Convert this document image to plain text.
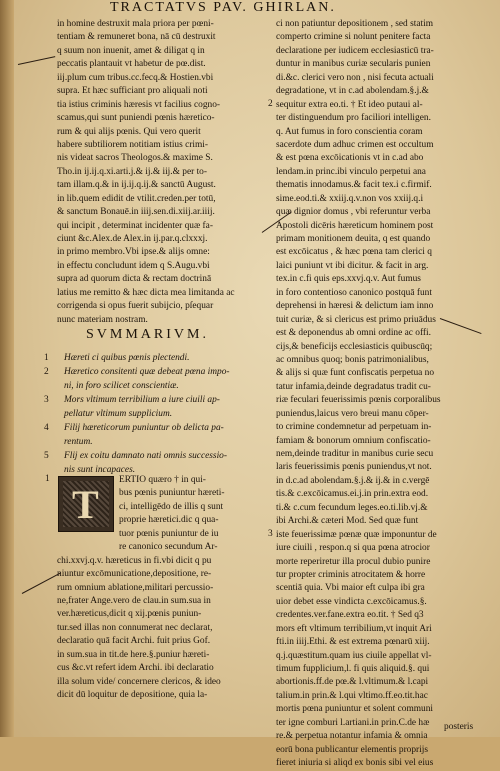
TRACTATVS PAV. GHIRLAN.
in homine destruxit mala priora per pœni-
tentiam & remuneret bona, nā cū destruxit
q suum non inuenit, amet & diligat q in
peccatis plantauit vt habetur de pœ.dist.
iij.plum cum tribus.cc.fecq.& Hostien.vbi
supra. Et hæc sufficiant pro aliquali noti
tia istius criminis hæresis vt facilius cogno-
scamus,qui sunt puniendi pœnis hæretico-
rum & qui alijs pœnis. Qui vero querit
habere subtiliorem notitiam istius crimi-
nis videat sacros Theologos.& maxime S.
Tho.in ij.ij.q.xi.arti.j.& ij.& iij.& per to-
tam illam.q.& in ij.ij.q.ij.& sanctū August.
in lib.quem edidit de vtilit.creden.per totū,
& sanctum Bonauē.in iiij.sen.di.xiij.ar.iiij.
qui incipit , determinat incidenter quæ fa-
ciunt &c.Alex.de Alex.in ij.par.q.clxxxj.
in primo membro.Vbi ipse.& alijs omne:
in effectu concludunt idem q S.Augu.vbi
supra ad quorum dicta & rectam doctrinā
latius me remitto & hæc dicta mea limitanda ac
corrigenda si opus fuerit subijcio, pſequar
nunc materiam nostram.
SVMMARIVM.
1 Hæreti ci quibus pœnis plectendi.
2 Hæretico consitenti quæ debeat pœna impo-
ni, in foro scilicet conscientiæ.
3 Mors vltimum terribilium a iure ciuili ap-
pellatur vltimum supplicium.
4 Filij hæreticorum puniuntur ob delicta pa-
rentum.
5 Flij ex coitu damnato nati omnis successio-
nis sunt incapaces.
T
1	ERTIO quæro † in qui-
bus pœnis puniuntur hæreti-
ci, intelligēdo de illis q sunt
proprie hæretici.dic q qua-
tuor pœnis puniuntur de iu
re canonico secundum Ar-
chi.xxvj.q.v. hæreticus in fi.vbi dicit q pu
niuntur excōmunicatione,depositione, re-
rum omnium ablatione,militari percussio-
ne,frater Ange.vero de clau.in sum.sua in
ver.hæreticus,dicit q xij.pœnis puniun-
tur.sed illas non connumerat nec declarat,
declaratio quā facit Archi. fuit prius Gof.
in sum.sua in tit.de here.§.puniur hæreti-
cus &c.vt refert idem Archi. ibi declaratio
illa solum vide/ concernere clericos, & ideo
dicit dū loquitur de depositione, quia la-
ci non patiuntur depositionem , sed statim
comperto crimine si nolunt penitere facta
declaratione per iudicem ecclesiasticū tra-
duntur in manibus curiæ secularis punien
di.&c. clerici vero non , nisi fecuta actuali
degradatione, vt in c.ad abolendam.§.j.&
sequitur extra eo.ti. † Et ideo putaui al-
ter distinguendum pro faciliori intelligen.
q. Aut fumus in foro conscientia coram
sacerdote dum adhuc crimen est occultum
& est pœna excōicationis vt in c.ad abo
lendam.in princ.ibi vinculo perpetui ana
thematis innodamus.& facit tex.i c.firmif.
sime.eod.ti.& xxiij.q.v.non vos xxiij.q.i
quæ dignior domus , vbi referuntur verba
Apostoli dicēris hæreticum hominem post
primam monitionem deuita, q est quando
est excōicatus , & hæc pœna tam clerici q
laici puniunt vt ibi dicitur. & facit in arg.
tex.in c.fi quis eps.xxvj.q.v. Aut fumus
in foro contentioso canonico postquā funt
deprehensi in hæresi & delictum iam inno
tuit curiæ, & si clericus est primo priuādus
est & deponendus ab omni ordine ac offi.
cijs,& beneficijs ecclesiasticis quibuscūq;
ac omnibus quoq; bonis patrimonialibus,
& alijs si quæ funt confiscatis perpetua no
tatur infamia,deinde degradatus tradit cu-
riæ feculari feuerissimis pœnis corporalibus
puniendus,laicus vero breui manu cōper-
to crimine condemnetur ad perpetuam in-
famiam & bonorum omnium confiscatio-
nem,deinde traditur in manibus curie secu
laris feuerissimis pœnis puniendus,vt not.
in d.c.ad abolendam.§.j.& ij.& in c.vergē
tis.& c.excōicamus.ei.j.in prin.extra eod.
ti.& c.cum fecundum leges.eo.ti.lib.vj.&
ibi Archi.& cæteri Mod. Sed quæ funt
iste feuerissimæ pœnæ quæ imponuntur de
iure ciuili , respon.q si qua pœna atrocior
morte reperiretur illa procul dubio punire
tur propter criminis atrocitatem & horre
scentiā quia. Vbi maior eft culpa ibi gra
uior debet esse vindicta c.excōicamus.§.
credentes.ver.fane.extra eo.tit. † Sed q3
mors eft vltimum terribilium,vt inquit Ari
fti.in iiij.Ethi. & est extrema pœnarū xiij.
q.j.quæstitum.quam ius ciuile appellat vl-
timum fupplicium,l. fi quis aliquid.§. qui
abortionis.ff.de pœ.& l.vltimum.& l.capi
talium.in prin.& l.qui vltimo.ff.eo.tit.hac
mortis pœna puniuntur et solent communi
ter igne comburi l.artiani.in prin.C.de hæ
re.& perpetua notantur infamia & omnia
eorū bona publicantur elementis proprijs
fieret iniuria si aliqd ex bonis sibi vel eius
2
3
posteris
